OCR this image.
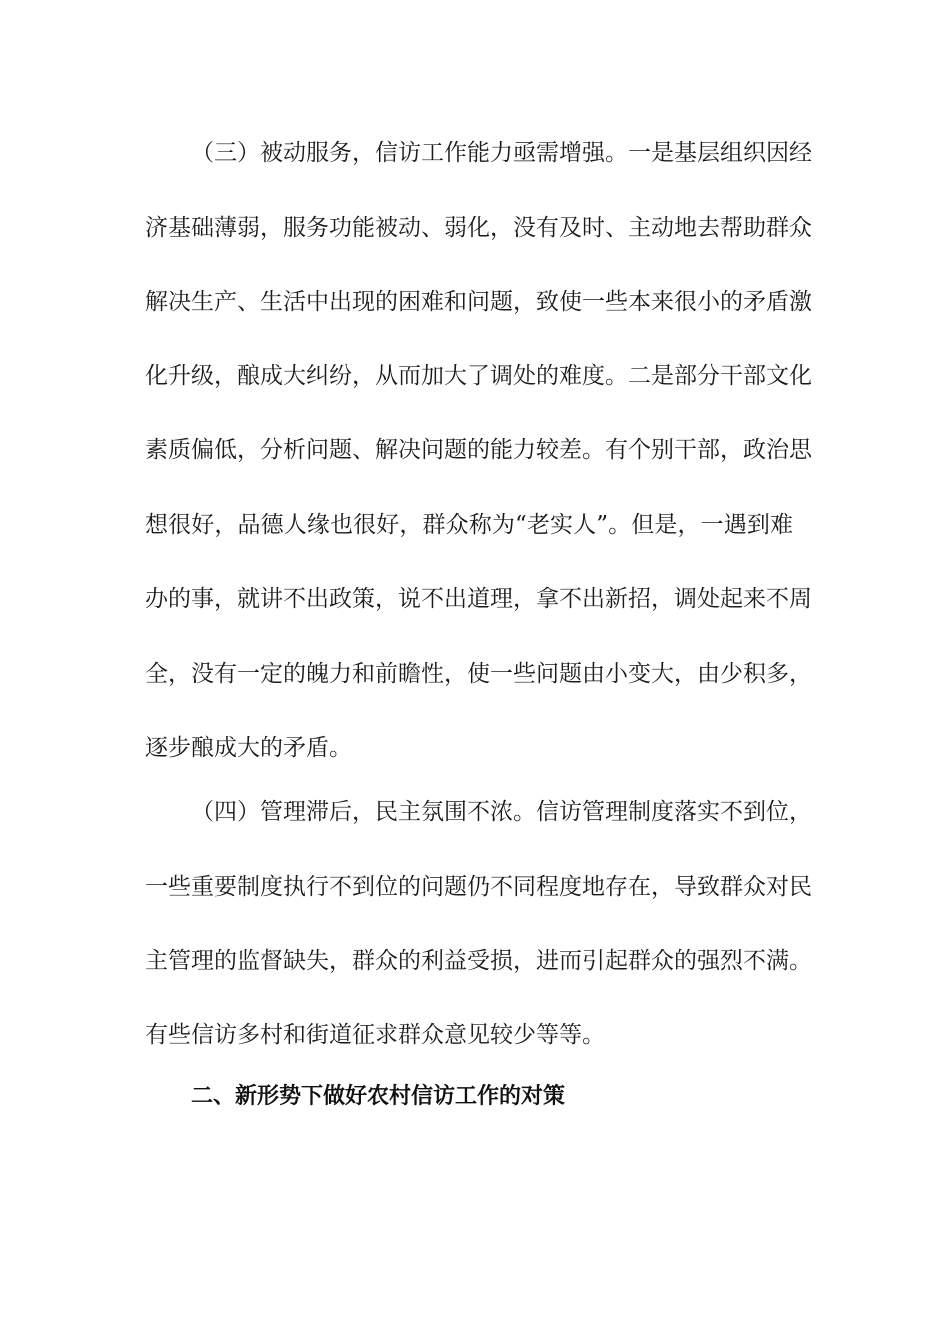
（三）被动服务，信访工作能力亟需增强。一是基层组织因经

济基础薄弱，服务功能被动、弱化，没有及时、主动地去帮助群众

解决生产、生活中出现的困难和问题，致使一些本来很小的矛盾激

化升级，酿成大纠纷，从而加大了调处的难度。二是部分干部文化

素质偏低，分析问题、解决问题的能力较差。有个别干部，政治思

想很好，品德人缘也很好，群众称为“老实人”。但是，一遇到难

办的事，就讲不出政策，说不出道理，拿不出新招，调处起来不周

全，没有一定的魄力和前瞻性，使一些问题由小变大，由少积多，

逐步酿成大的矛盾。

（四）管理滞后，民主氛围不浓。信访管理制度落实不到位，

一些重要制度执行不到位的问题仍不同程度地存在，导致群众对民

主管理的监督缺失，群众的利益受损，进而引起群众的强烈不满。

有些信访多村和街道征求群众意见较少等等。

二、新形势下做好农村信访工作的对策
